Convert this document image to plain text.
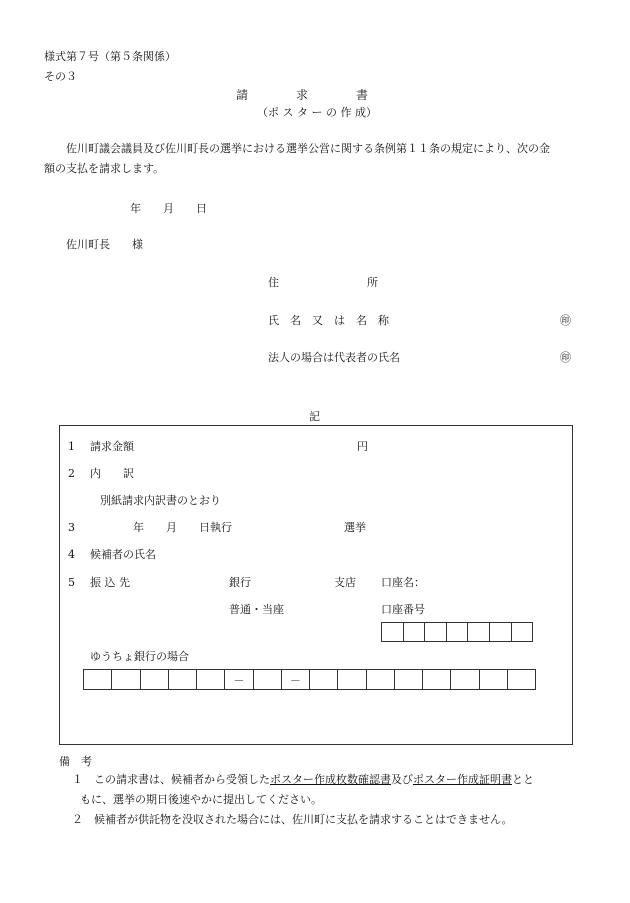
様式第７号（第５条関係）
その３
請　　　　求　　　　書
（ポ ス タ ー の 作 成）
佐川町議会議員及び佐川町長の選挙における選挙公営に関する条例第１１条の規定により、次の金
額の支払を請求します。
年　　月　　日
佐川町長　　様
住　　　　　　　　所
氏　名　又　は　名　称	㊞
法人の場合は代表者の氏名	㊞
記
1 請求金額	円
2 内　　訳
別紙請求内訳書のとおり
3	年　　月　　日執行	選挙
4 候補者の氏名
5 振 込 先	銀行	支店 口座名：
普通・当座	口座番号
ゆうちょ銀行の場合
－	－
備　考
１ この請求書は、候補者から受領したポスター作成枚数確認書及びポスター作成証明書とと
もに、選挙の期日後速やかに提出してください。
２ 候補者が供託物を没収された場合には、佐川町に支払を請求することはできません。
